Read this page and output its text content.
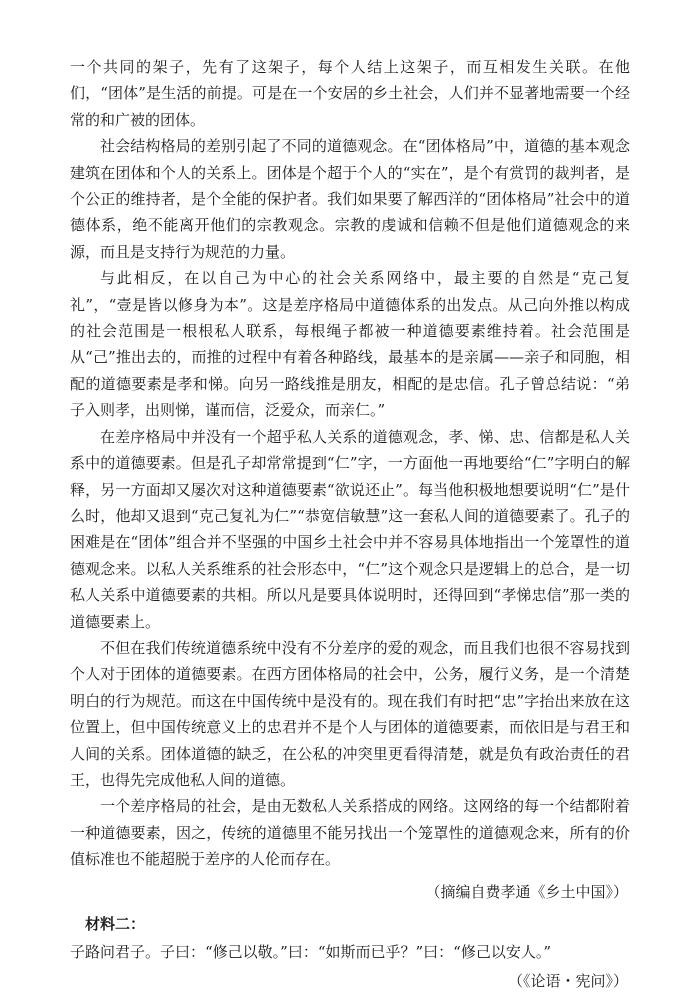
一个共同的架子，先有了这架子，每个人结上这架子，而互相发生关联。在他们，“团体”是生活的前提。可是在一个安居的乡土社会，人们并不显著地需要一个经常的和广被的团体。

社会结构格局的差别引起了不同的道德观念。在“团体格局”中，道德的基本观念建筑在团体和个人的关系上。团体是个超于个人的“实在”，是个有赏罚的裁判者，是个公正的维持者，是个全能的保护者。我们如果要了解西洋的“团体格局”社会中的道德体系，绝不能离开他们的宗教观念。宗教的虔诚和信赖不但是他们道德观念的来源，而且是支持行为规范的力量。

与此相反，在以自己为中心的社会关系网络中，最主要的自然是“克己复礼”，“壹是皆以修身为本”。这是差序格局中道德体系的出发点。从己向外推以构成的社会范围是一根根私人联系，每根绳子都被一种道德要素维持着。社会范围是从“己”推出去的，而推的过程中有着各种路线，最基本的是亲属——亲子和同胞，相配的道德要素是孝和悌。向另一路线推是朋友，相配的是忠信。孔子曾总结说：“弟子入则孝，出则悌，谨而信，泛爱众，而亲仁。”

在差序格局中并没有一个超乎私人关系的道德观念，孝、悌、忠、信都是私人关系中的道德要素。但是孔子却常常提到“仁”字，一方面他一再地要给“仁”字明白的解释，另一方面却又屡次对这种道德要素“欲说还止”。每当他积极地想要说明“仁”是什么时，他却又退到“克己复礼为仁”“恭宽信敏慧”这一套私人间的道德要素了。孔子的困难是在“团体”组合并不坚强的中国乡土社会中并不容易具体地指出一个笼罩性的道德观念来。以私人关系维系的社会形态中，“仁”这个观念只是逻辑上的总合，是一切私人关系中道德要素的共相。所以凡是要具体说明时，还得回到“孝悌忠信”那一类的道德要素上。

不但在我们传统道德系统中没有不分差序的爱的观念，而且我们也很不容易找到个人对于团体的道德要素。在西方团体格局的社会中，公务，履行义务，是一个清楚明白的行为规范。而这在中国传统中是没有的。现在我们有时把“忠”字抬出来放在这位置上，但中国传统意义上的忠君并不是个人与团体的道德要素，而依旧是与君王和人间的关系。团体道德的缺乏，在公私的冲突里更看得清楚，就是负有政治责任的君王，也得先完成他私人间的道德。

一个差序格局的社会，是由无数私人关系搭成的网络。这网络的每一个结都附着一种道德要素，因之，传统的道德里不能另找出一个笼罩性的道德观念来，所有的价值标准也不能超脱于差序的人伦而存在。

（摘编自费孝通《乡土中国》）

材料二：

子路问君子。子曰：“修己以敬。”曰：“如斯而已乎？”曰：“修己以安人。”

（《论语・宪问》）
